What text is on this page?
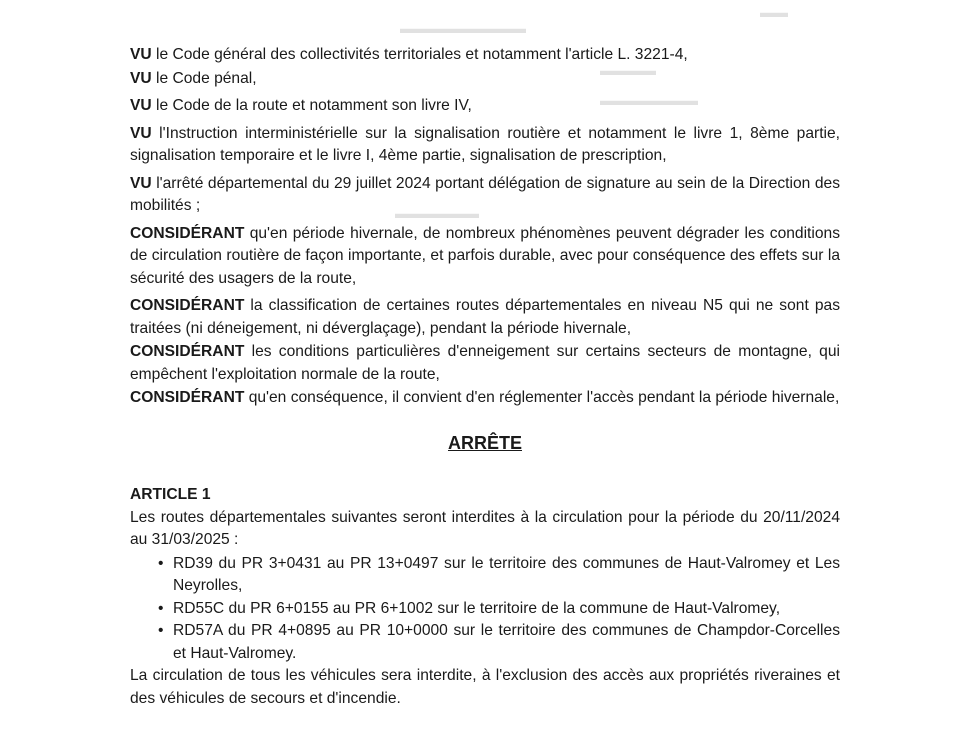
▬▬
▬▬▬▬▬▬▬▬▬
▬▬▬▬
▬▬▬▬▬▬▬
▬▬▬▬▬▬

VU le Code général des collectivités territoriales et notamment l'article L. 3221-4,

VU le Code pénal,

VU le Code de la route et notamment son livre IV,

VU l'Instruction interministérielle sur la signalisation routière et notamment le livre 1, 8ème partie, signalisation temporaire et le livre I, 4ème partie, signalisation de prescription,

VU l'arrêté départemental du 29 juillet 2024 portant délégation de signature au sein de la Direction des mobilités ;

CONSIDÉRANT qu'en période hivernale, de nombreux phénomènes peuvent dégrader les conditions de circulation routière de façon importante, et parfois durable, avec pour conséquence des effets sur la sécurité des usagers de la route,

CONSIDÉRANT la classification de certaines routes départementales en niveau N5 qui ne sont pas traitées (ni déneigement, ni déverglaçage), pendant la période hivernale,

CONSIDÉRANT les conditions particulières d'enneigement sur certains secteurs de montagne, qui empêchent l'exploitation normale de la route,

CONSIDÉRANT qu'en conséquence, il convient d'en réglementer l'accès pendant la période hivernale,

ARRÊTE

ARTICLE 1

Les routes départementales suivantes seront interdites à la circulation pour la période du 20/11/2024 au 31/03/2025 :

• RD39 du PR 3+0431 au PR 13+0497 sur le territoire des communes de Haut-Valromey et Les Neyrolles,
• RD55C du PR 6+0155 au PR 6+1002 sur le territoire de la commune de Haut-Valromey,
• RD57A du PR 4+0895 au PR 10+0000 sur le territoire des communes de Champdor-Corcelles et Haut-Valromey.

La circulation de tous les véhicules sera interdite, à l'exclusion des accès aux propriétés riveraines et des véhicules de secours et d'incendie.
